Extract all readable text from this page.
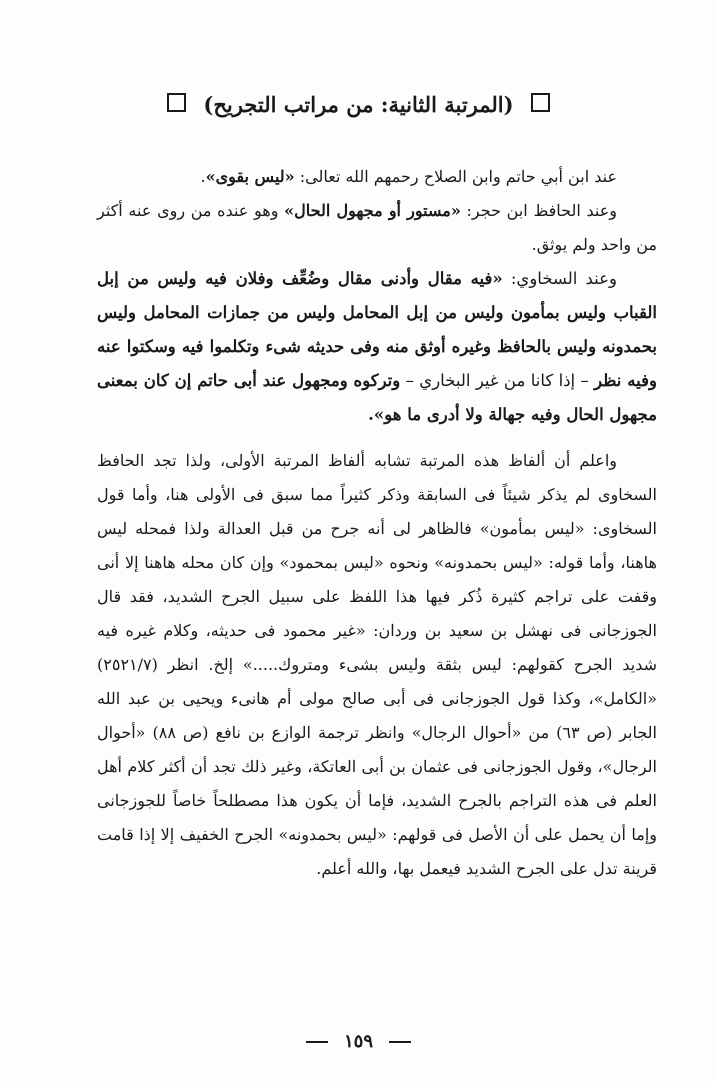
(المرتبة الثانية: من مراتب التجريح)

عند ابن أبي حاتم وابن الصلاح رحمهم الله تعالى: «ليس بقوى».

وعند الحافظ ابن حجر: «مستور أو مجهول الحال» وهو عنده من روى عنه أكثر من واحد ولم يوثق.

وعند السخاوي: «فيه مقال وأدنى مقال وضُعِّف وفلان فيه وليس من إبل القباب وليس بمأمون وليس من إبل المحامل وليس من جمازات المحامل وليس بحمدونه وليس بالحافظ وغيره أوثق منه وفى حديثه شىء وتكلموا فيه وسكتوا عنه وفيه نظر – إذا كانا من غير البخاري – وتركوه ومجهول عند أبى حاتم إن كان بمعنى مجهول الحال وفيه جهالة ولا أدرى ما هو».

واعلم أن ألفاظ هذه المرتبة تشابه ألفاظ المرتبة الأولى، ولذا تجد الحافظ السخاوى لم يذكر شيئاً فى السابقة وذكر كثيراً مما سبق فى الأولى هنا، وأما قول السخاوى: «ليس بمأمون» فالظاهر لى أنه جرح من قبل العدالة ولذا فمحله ليس هاهنا، وأما قوله: «ليس بحمدونه» ونحوه «ليس بمحمود» وإن كان محله هاهنا إلا أنى وقفت على تراجم كثيرة ذُكر فيها هذا اللفظ على سبيل الجرح الشديد، فقد قال الجوزجانى فى نهشل بن سعيد بن وردان: «غير محمود فى حديثه، وكلام غيره فيه شديد الجرح كقولهم: ليس بثقة وليس بشىء ومتروك.....» إلخ. انظر (٢٥٢١/٧) «الكامل»، وكذا قول الجوزجانى فى أبى صالح مولى أم هانىء ويحيى بن عبد الله الجابر (ص ٦٣) من «أحوال الرجال» وانظر ترجمة الوازع بن نافع (ص ٨٨) «أحوال الرجال»، وقول الجوزجانى فى عثمان بن أبى العاتكة، وغير ذلك تجد أن أكثر كلام أهل العلم فى هذه التراجم بالجرح الشديد، فإما أن يكون هذا مصطلحاً خاصاً للجوزجانى وإما أن يحمل على أن الأصل فى قولهم: «ليس بحمدونه» الجرح الخفيف إلا إذا قامت قرينة تدل على الجرح الشديد فيعمل بها، والله أعلم.

١٥٩
